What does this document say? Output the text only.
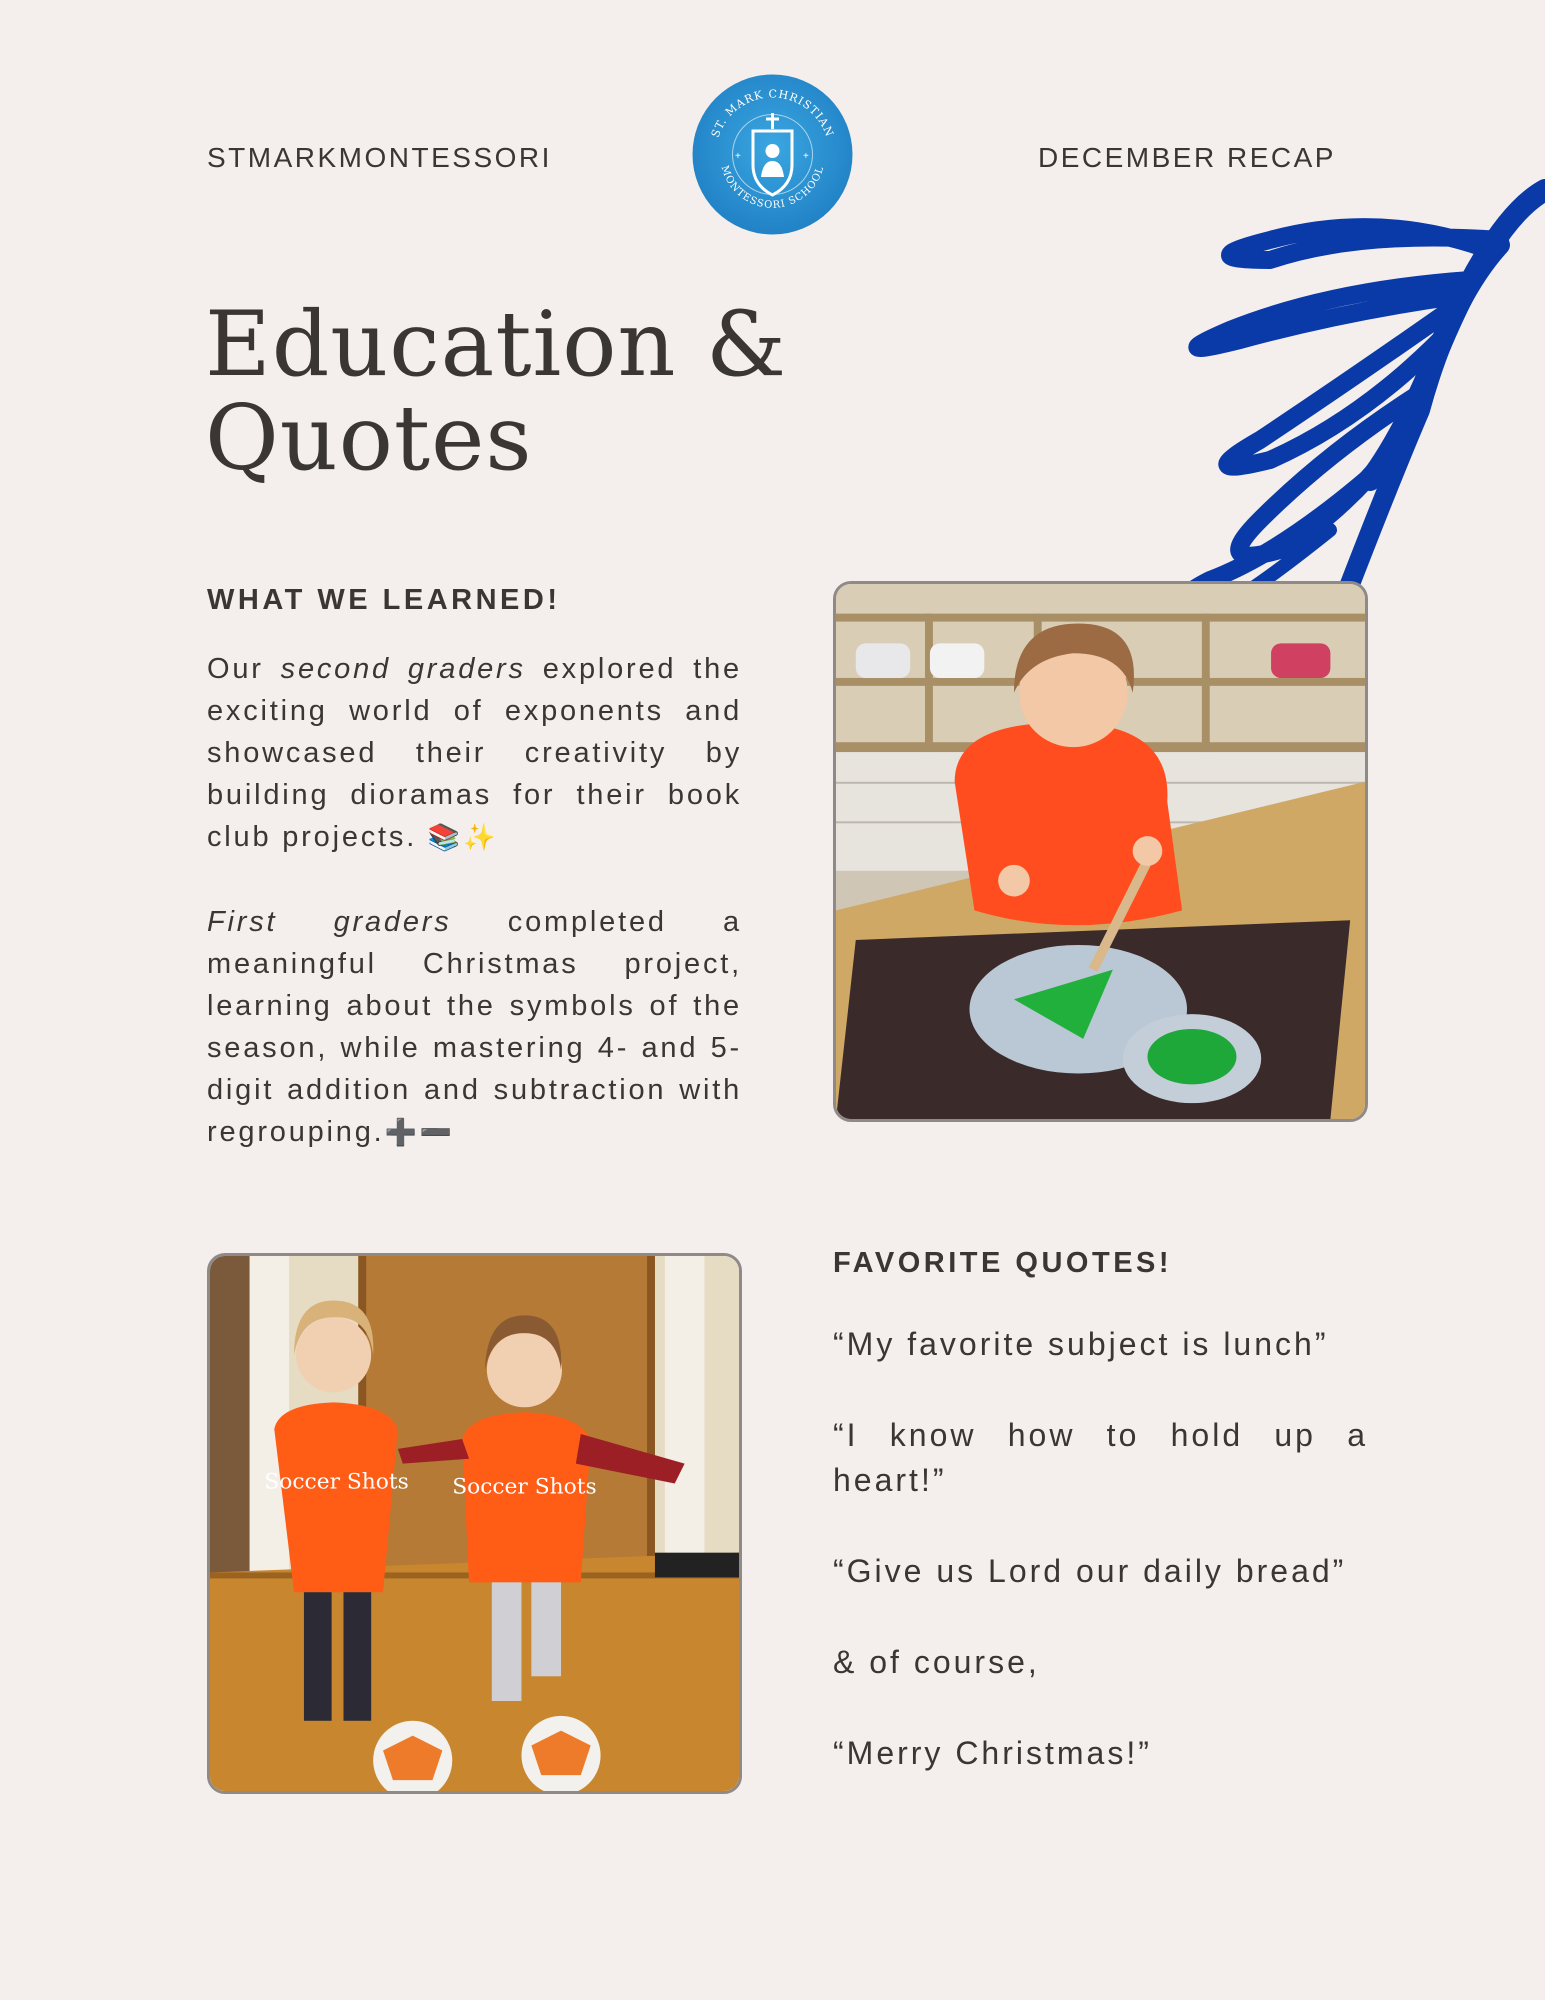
STMARKMONTESSORI
ST. MARK CHRISTIAN
MONTESSORI SCHOOL
+	+	DECEMBER RECAP
Education &
Quotes
WHAT WE LEARNED!

Our second graders explored the exciting world of exponents and showcased their creativity by building dioramas for their book club projects. 📚✨

First graders completed a meaningful Christmas project, learning about the symbols of the season, while mastering 4- and 5-digit addition and subtraction with regrouping.➕➖

Soccer Shots Soccer Shots
FAVORITE QUOTES!

“My favorite subject is lunch”

“I know how to hold up a heart!”

“Give us Lord our daily bread”

& of course,

“Merry Christmas!”
